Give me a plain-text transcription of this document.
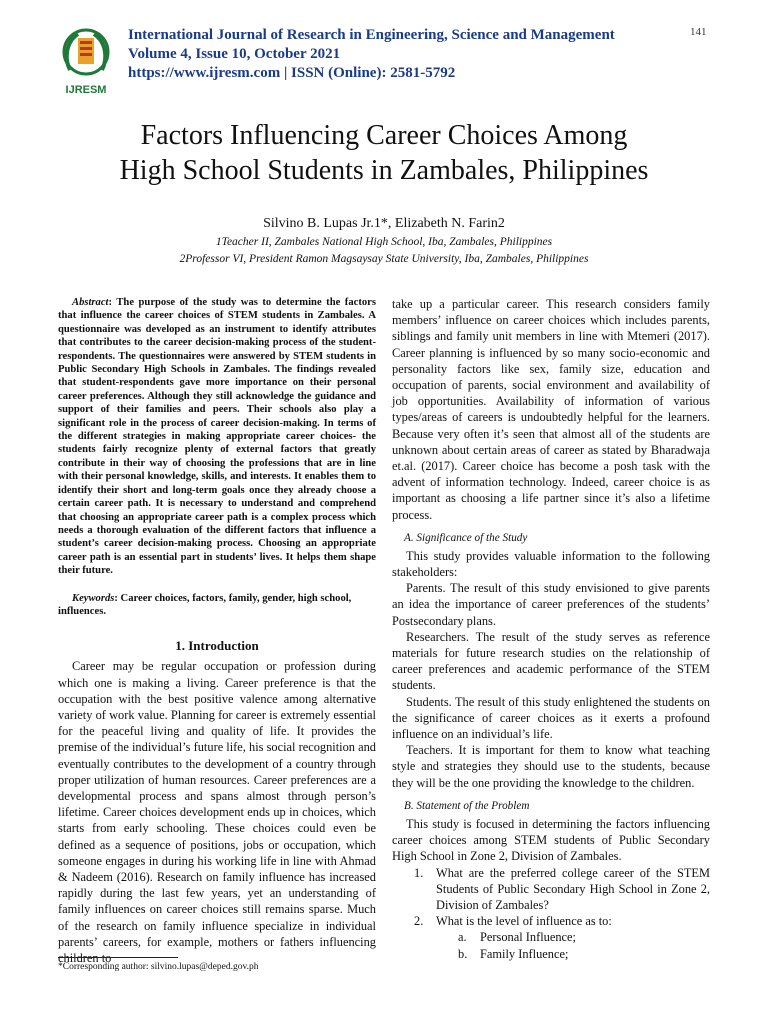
IJRESM
International Journal of Research in Engineering, Science and Management
Volume 4, Issue 10, October 2021
https://www.ijresm.com | ISSN (Online): 2581-5792
141
Factors Influencing Career Choices Among
High School Students in Zambales, Philippines
Silvino B. Lupas Jr.1*, Elizabeth N. Farin2
1Teacher II, Zambales National High School, Iba, Zambales, Philippines
2Professor VI, President Ramon Magsaysay State University, Iba, Zambales, Philippines
Abstract: The purpose of the study was to determine the factors that influence the career choices of STEM students in Zambales. A questionnaire was developed as an instrument to identify attributes that contributes to the career decision-making process of the student-respondents. The questionnaires were answered by STEM students in Public Secondary High Schools in Zambales. The findings revealed that student-respondents gave more importance on their personal career preferences. Although they still acknowledge the guidance and support of their families and peers. Their schools also play a significant role in the process of career decision-making. In terms of the different strategies in making appropriate career choices- the students fairly recognize plenty of external factors that greatly contribute in their way of choosing the professions that are in line with their personal knowledge, skills, and interests. It enables them to identify their short and long-term goals once they already choose a certain career path. It is necessary to understand and comprehend that choosing an appropriate career path is a complex process which needs a thorough evaluation of the different factors that influence a student’s career decision-making process. Choosing an appropriate career path is an essential part in students’ lives. It helps them shape their future.
Keywords: Career choices, factors, family, gender, high school, influences.
1. Introduction
Career may be regular occupation or profession during which one is making a living. Career preference is that the occupation with the best positive valence among alternative variety of work value. Planning for career is extremely essential for the peaceful living and quality of life. It provides the premise of the individual’s future life, his social recognition and eventually contributes to the development of a country through proper utilization of human resources. Career preferences are a developmental process and spans almost through person’s lifetime. Career choices development ends up in choices, which starts from early schooling. These choices could even be defined as a sequence of positions, jobs or occupation, which someone engages in during his working life in line with Ahmad & Nadeem (2016). Research on family influence has increased rapidly during the last few years, yet an understanding of family influences on career choices still remains sparse. Much of the research on family influence specialize in individual parents’ careers, for example, mothers or fathers influencing children to
take up a particular career. This research considers family members’ influence on career choices which includes parents, siblings and family unit members in line with Mtemeri (2017). Career planning is influenced by so many socio-economic and personality factors like sex, family size, education and occupation of parents, social environment and availability of job opportunities. Availability of information of various types/areas of careers is undoubtedly helpful for the learners. Because very often it’s seen that almost all of the students are unknown about certain areas of career as stated by Bharadwaja et.al. (2017). Career choice has become a posh task with the advent of information technology. Indeed, career choice is as important as choosing a life partner since it’s also a lifetime process.
A. Significance of the Study
This study provides valuable information to the following stakeholders:
Parents. The result of this study envisioned to give parents an idea the importance of career preferences of the students’ Postsecondary plans.
Researchers. The result of the study serves as reference materials for future research studies on the relationship of career preferences and academic performance of the STEM students.
Students. The result of this study enlightened the students on the significance of career choices as it exerts a profound influence on an individual’s life.
Teachers. It is important for them to know what teaching style and strategies they should use to the students, because they will be the one providing the knowledge to the children.
B. Statement of the Problem
This study is focused in determining the factors influencing career choices among STEM students of Public Secondary High School in Zone 2, Division of Zambales.
1.	What are the preferred college career of the STEM Students of Public Secondary High School in Zone 2, Division of Zambales?
2.	What is the level of influence as to:
a.	Personal Influence;
b.	Family Influence;
*Corresponding author: silvino.lupas@deped.gov.ph
